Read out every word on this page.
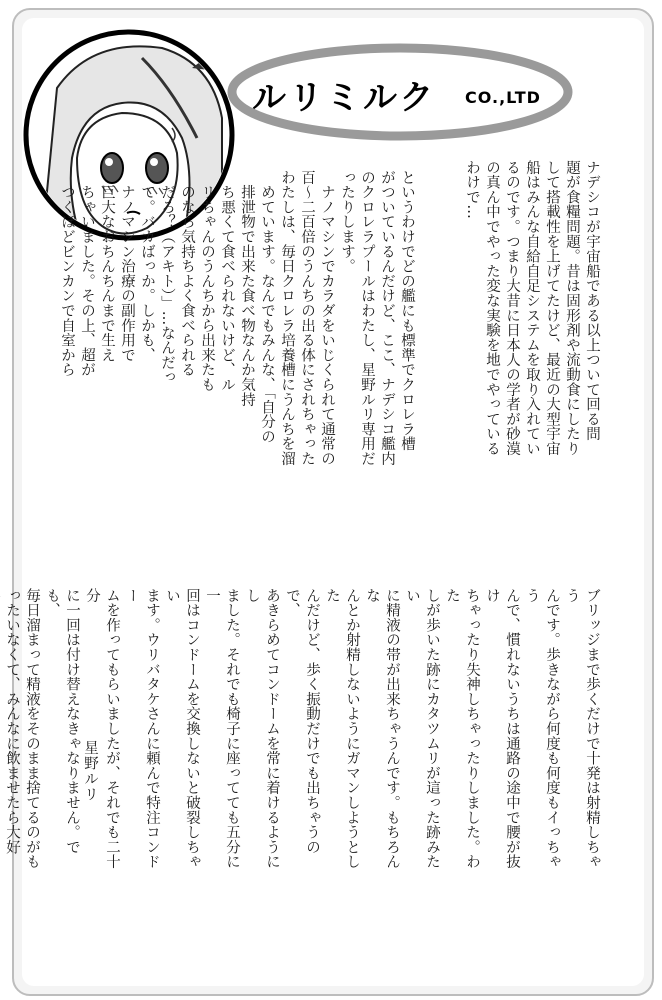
ルリミルク CO.,LTD
ナデシコが宇宙船である以上ついて回る問
題が食糧問題。昔は固形剤や流動食にしたり
して搭載性を上げてたけど、最近の大型宇宙
船はみんな自給自足システムを取り入れてい
るのです。つまり大昔に日本人の学者が砂漠
の真ん中でやった変な実験を地でやっている
わけで…
というわけでどの艦にも標準でクロレラ槽
がついているんだけど、ここ、ナデシコ艦内
のクロレラプールはわたし、星野ルリ専用だ
ったりします。
　ナノマシンでカラダをいじくられて通常の
百〜二百倍のうんちの出る体にされちゃった
わたしは、毎日クロレラ培養槽にうんちを溜
　めています。なんでもみんな、「自分の
　排泄物で出来た食べ物なんか気持
　ち悪くて食べられないけど、ル
　リちゃんのうんちから出来たも
　のなら気持ちよく食べられる
　だろ？（アキト）」…なんだっ
　て。バカばっか。しかも、
　ナノマシン治療の副作用で
　巨大なおちんちんまで生え
　ちゃいました。その上、超が
　つくほどビンカンで自室から
ブリッジまで歩くだけで十発は射精しちゃう
んです。歩きながら何度も何度もイっちゃう
んで、慣れないうちは通路の途中で腰が抜け
ちゃったり失神しちゃったりしました。わた
しが歩いた跡にカタツムリが這った跡みたい
に精液の帯が出来ちゃうんです。もちろんな
んとか射精しないようにガマンしようとした
んだけど、歩く振動だけでも出ちゃうので、
あきらめてコンドームを常に着けるようにし
ました。それでも椅子に座ってても五分に一
回はコンドームを交換しないと破裂しちゃい
ます。ウリバタケさんに頼んで特注コンドー
ムを作ってもらいましたが、それでも二十分
に一回は付け替えなきゃなりません。でも、
毎日溜まって精液をそのまま捨てるのがも
ったいなくて、みんなに飲ませたら大好

星野ルリ
